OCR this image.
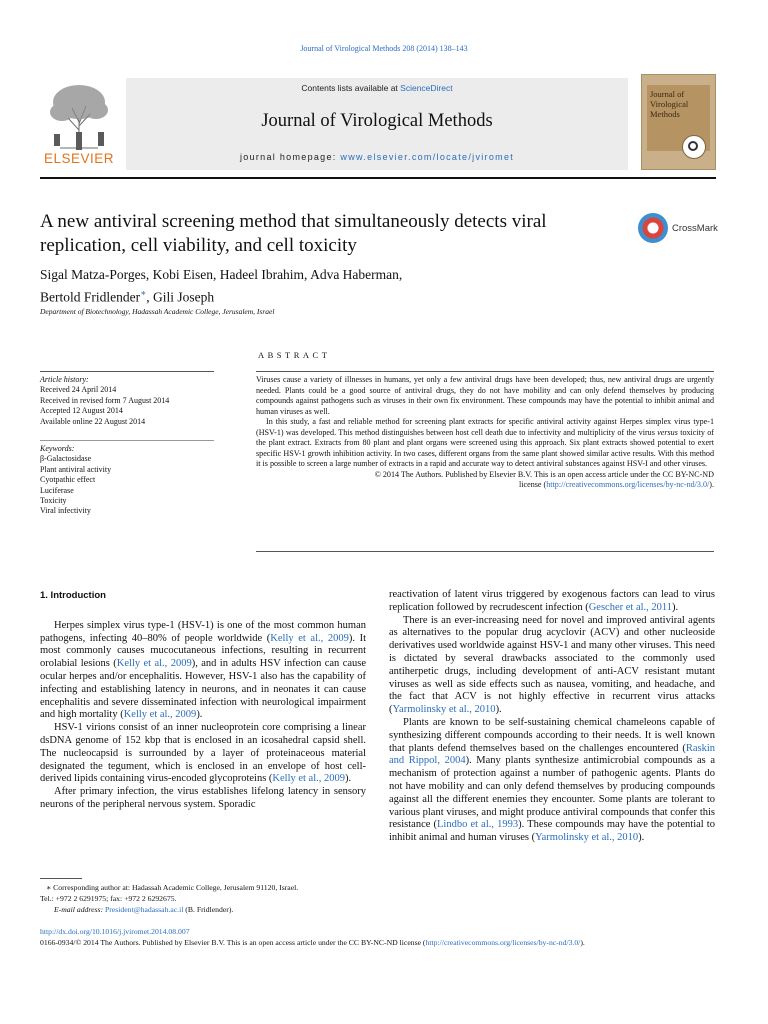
Journal of Virological Methods 208 (2014) 138–143
ELSEVIER
Contents lists available at ScienceDirect
Journal of Virological Methods
journal homepage: www.elsevier.com/locate/jviromet
Journal of
Virological
Methods
A new antiviral screening method that simultaneously detects viral replication, cell viability, and cell toxicity
CrossMark
Sigal Matza-Porges, Kobi Eisen, Hadeel Ibrahim, Adva Haberman,
Bertold Fridlender∗, Gili Joseph
Department of Biotechnology, Hadassah Academic College, Jerusalem, Israel
ABSTRACT
Article history:
Received 24 April 2014
Received in revised form 7 August 2014
Accepted 12 August 2014
Available online 22 August 2014
Keywords:
β-Galactosidase
Plant antiviral activity
Cyotpathic effect
Luciferase
Toxicity
Viral infectivity

Viruses cause a variety of illnesses in humans, yet only a few antiviral drugs have been developed; thus, new antiviral drugs are urgently needed. Plants could be a good source of antiviral drugs, they do not have mobility and can only defend themselves by producing compounds against pathogens such as viruses in their own fix environment. These compounds may have the potential to inhibit animal and human viruses as well.

In this study, a fast and reliable method for screening plant extracts for specific antiviral activity against Herpes simplex virus type-1 (HSV-1) was developed. This method distinguishes between host cell death due to infectivity and multiplicity of the virus versus toxicity of the plant extract. Extracts from 80 plant and plant organs were screened using this approach. Six plant extracts showed potential to exert specific HSV-1 growth inhibition activity. In two cases, different organs from the same plant showed similar active results. With this method it is possible to screen a large number of extracts in a rapid and accurate way to detect antiviral substances against HSV-I and other viruses.

© 2014 The Authors. Published by Elsevier B.V. This is an open access article under the CC BY-NC-ND

license (http://creativecommons.org/licenses/by-nc-nd/3.0/).

1. Introduction

Herpes simplex virus type-1 (HSV-1) is one of the most common human pathogens, infecting 40–80% of people worldwide (Kelly et al., 2009). It most commonly causes mucocutaneous infections, resulting in recurrent orolabial lesions (Kelly et al., 2009), and in adults HSV infection can cause ocular herpes and/or encephalitis. However, HSV-1 also has the capability of infecting and establishing latency in neurons, and in neonates it can cause encephalitis and severe disseminated infection with neurological impairment and high mortality (Kelly et al., 2009).

HSV-1 virions consist of an inner nucleoprotein core comprising a linear dsDNA genome of 152 kbp that is enclosed in an icosahedral capsid shell. The nucleocapsid is surrounded by a layer of proteinaceous material designated the tegument, which is enclosed in an envelope of host cell-derived lipids containing virus-encoded glycoproteins (Kelly et al., 2009).

After primary infection, the virus establishes lifelong latency in sensory neurons of the peripheral nervous system. Sporadic

reactivation of latent virus triggered by exogenous factors can lead to virus replication followed by recrudescent infection (Gescher et al., 2011).

There is an ever-increasing need for novel and improved antiviral agents as alternatives to the popular drug acyclovir (ACV) and other nucleoside derivatives used worldwide against HSV-1 and many other viruses. This need is dictated by several drawbacks associated to the commonly used antiherpetic drugs, including development of anti-ACV resistant mutant viruses as well as side effects such as nausea, vomiting, and headache, and the fact that ACV is not highly effective in recurrent virus attacks (Yarmolinsky et al., 2010).

Plants are known to be self-sustaining chemical chameleons capable of synthesizing different compounds according to their needs. It is well known that plants defend themselves based on the challenges encountered (Raskin and Rippol, 2004). Many plants synthesize antimicrobial compounds as a mechanism of protection against a number of pathogenic agents. Plants do not have mobility and can only defend themselves by producing compounds against all the different enemies they encounter. Some plants are tolerant to various plant viruses, and might produce antiviral compounds that confer this resistance (Lindbo et al., 1993). These compounds may have the potential to inhibit animal and human viruses (Yarmolinsky et al., 2010).

∗ Corresponding author at: Hadassah Academic College, Jerusalem 91120, Israel.
Tel.: +972 2 6291975; fax: +972 2 6292675.
E-mail address: President@hadassah.ac.il (B. Fridlender).
http://dx.doi.org/10.1016/j.jviromet.2014.08.007
0166-0934/© 2014 The Authors. Published by Elsevier B.V. This is an open access article under the CC BY-NC-ND license (http://creativecommons.org/licenses/by-nc-nd/3.0/).
